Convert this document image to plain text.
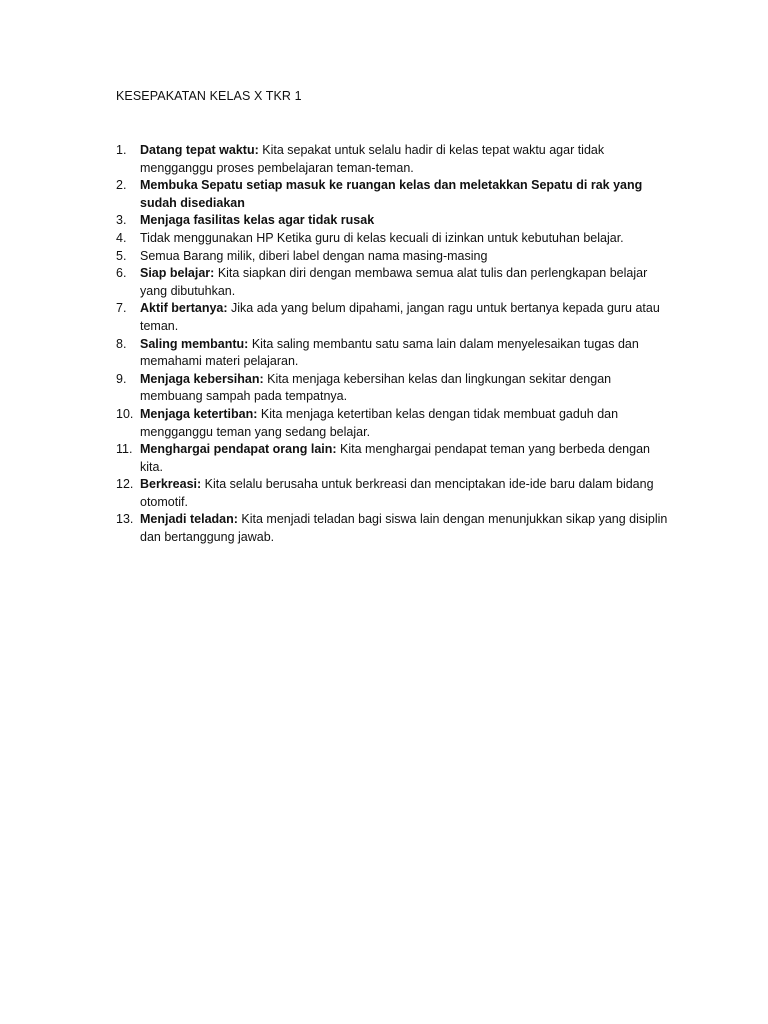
KESEPAKATAN KELAS X TKR 1
1.	Datang tepat waktu: Kita sepakat untuk selalu hadir di kelas tepat waktu agar tidak mengganggu proses pembelajaran teman-teman.
2.	Membuka Sepatu setiap masuk ke ruangan kelas dan meletakkan Sepatu di rak yang sudah disediakan
3.	Menjaga fasilitas kelas agar tidak rusak
4.	Tidak menggunakan HP Ketika guru di kelas kecuali di izinkan untuk kebutuhan belajar.
5.	Semua Barang milik, diberi label dengan nama masing-masing
6.	Siap belajar: Kita siapkan diri dengan membawa semua alat tulis dan perlengkapan belajar yang dibutuhkan.
7.	Aktif bertanya: Jika ada yang belum dipahami, jangan ragu untuk bertanya kepada guru atau teman.
8.	Saling membantu: Kita saling membantu satu sama lain dalam menyelesaikan tugas dan memahami materi pelajaran.
9.	Menjaga kebersihan: Kita menjaga kebersihan kelas dan lingkungan sekitar dengan membuang sampah pada tempatnya.
10. Menjaga ketertiban: Kita menjaga ketertiban kelas dengan tidak membuat gaduh dan mengganggu teman yang sedang belajar.
11. Menghargai pendapat orang lain: Kita menghargai pendapat teman yang berbeda dengan kita.
12. Berkreasi: Kita selalu berusaha untuk berkreasi dan menciptakan ide-ide baru dalam bidang otomotif.
13. Menjadi teladan: Kita menjadi teladan bagi siswa lain dengan menunjukkan sikap yang disiplin dan bertanggung jawab.
